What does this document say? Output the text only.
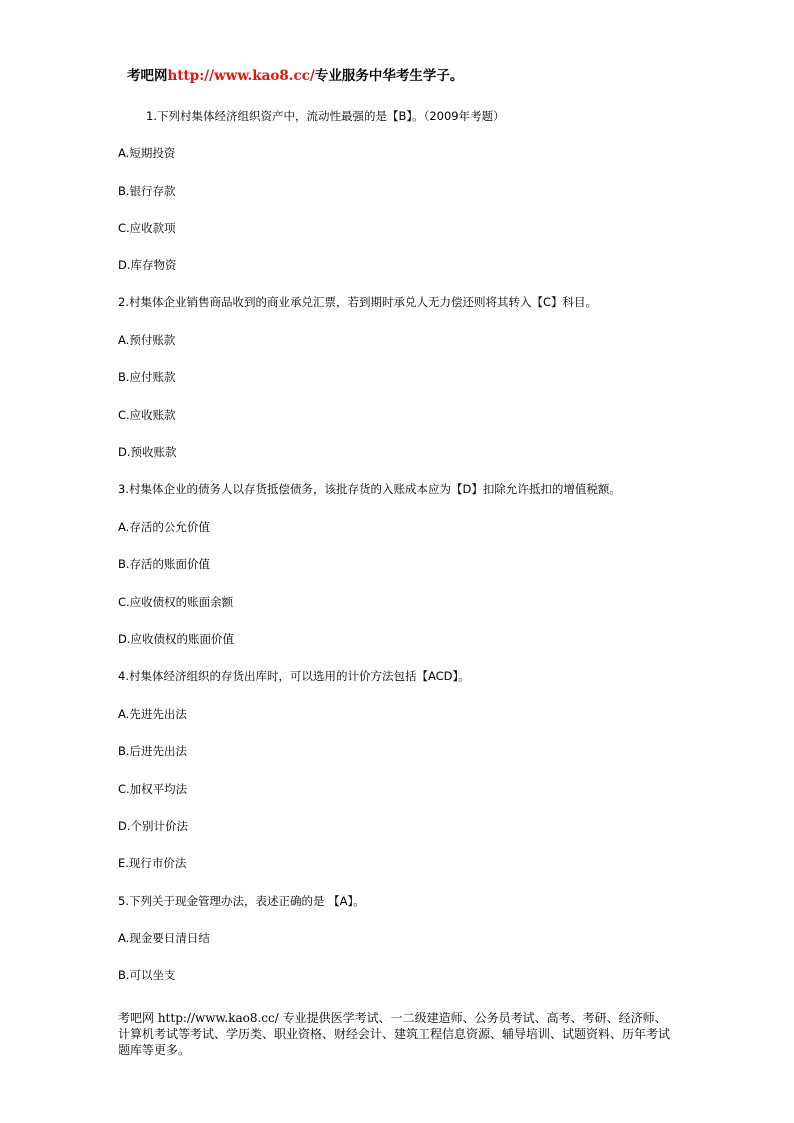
考吧网http://www.kao8.cc/专业服务中华考生学子。
1.下列村集体经济组织资产中，流动性最强的是【B】。（2009年考题）
A.短期投资
B.银行存款
C.应收款项
D.库存物资
2.村集体企业销售商品收到的商业承兑汇票，若到期时承兑人无力偿还则将其转入【C】科目。
A.预付账款
B.应付账款
C.应收账款
D.预收账款
3.村集体企业的债务人以存货抵偿债务，该批存货的入账成本应为【D】扣除允许抵扣的增值税额。
A.存活的公允价值
B.存活的账面价值
C.应收债权的账面余额
D.应收债权的账面价值
4.村集体经济组织的存货出库时，可以选用的计价方法包括【ACD】。
A.先进先出法
B.后进先出法
C.加权平均法
D.个别计价法
E.现行市价法
5.下列关于现金管理办法，表述正确的是 【A】。
A.现金要日清日结
B.可以坐支
考吧网 http://www.kao8.cc/ 专业提供医学考试、一二级建造师、公务员考试、高考、考研、经济师、计算机考试等考试、学历类、职业资格、财经会计、建筑工程信息资源、辅导培训、试题资料、历年考试题库等更多。
